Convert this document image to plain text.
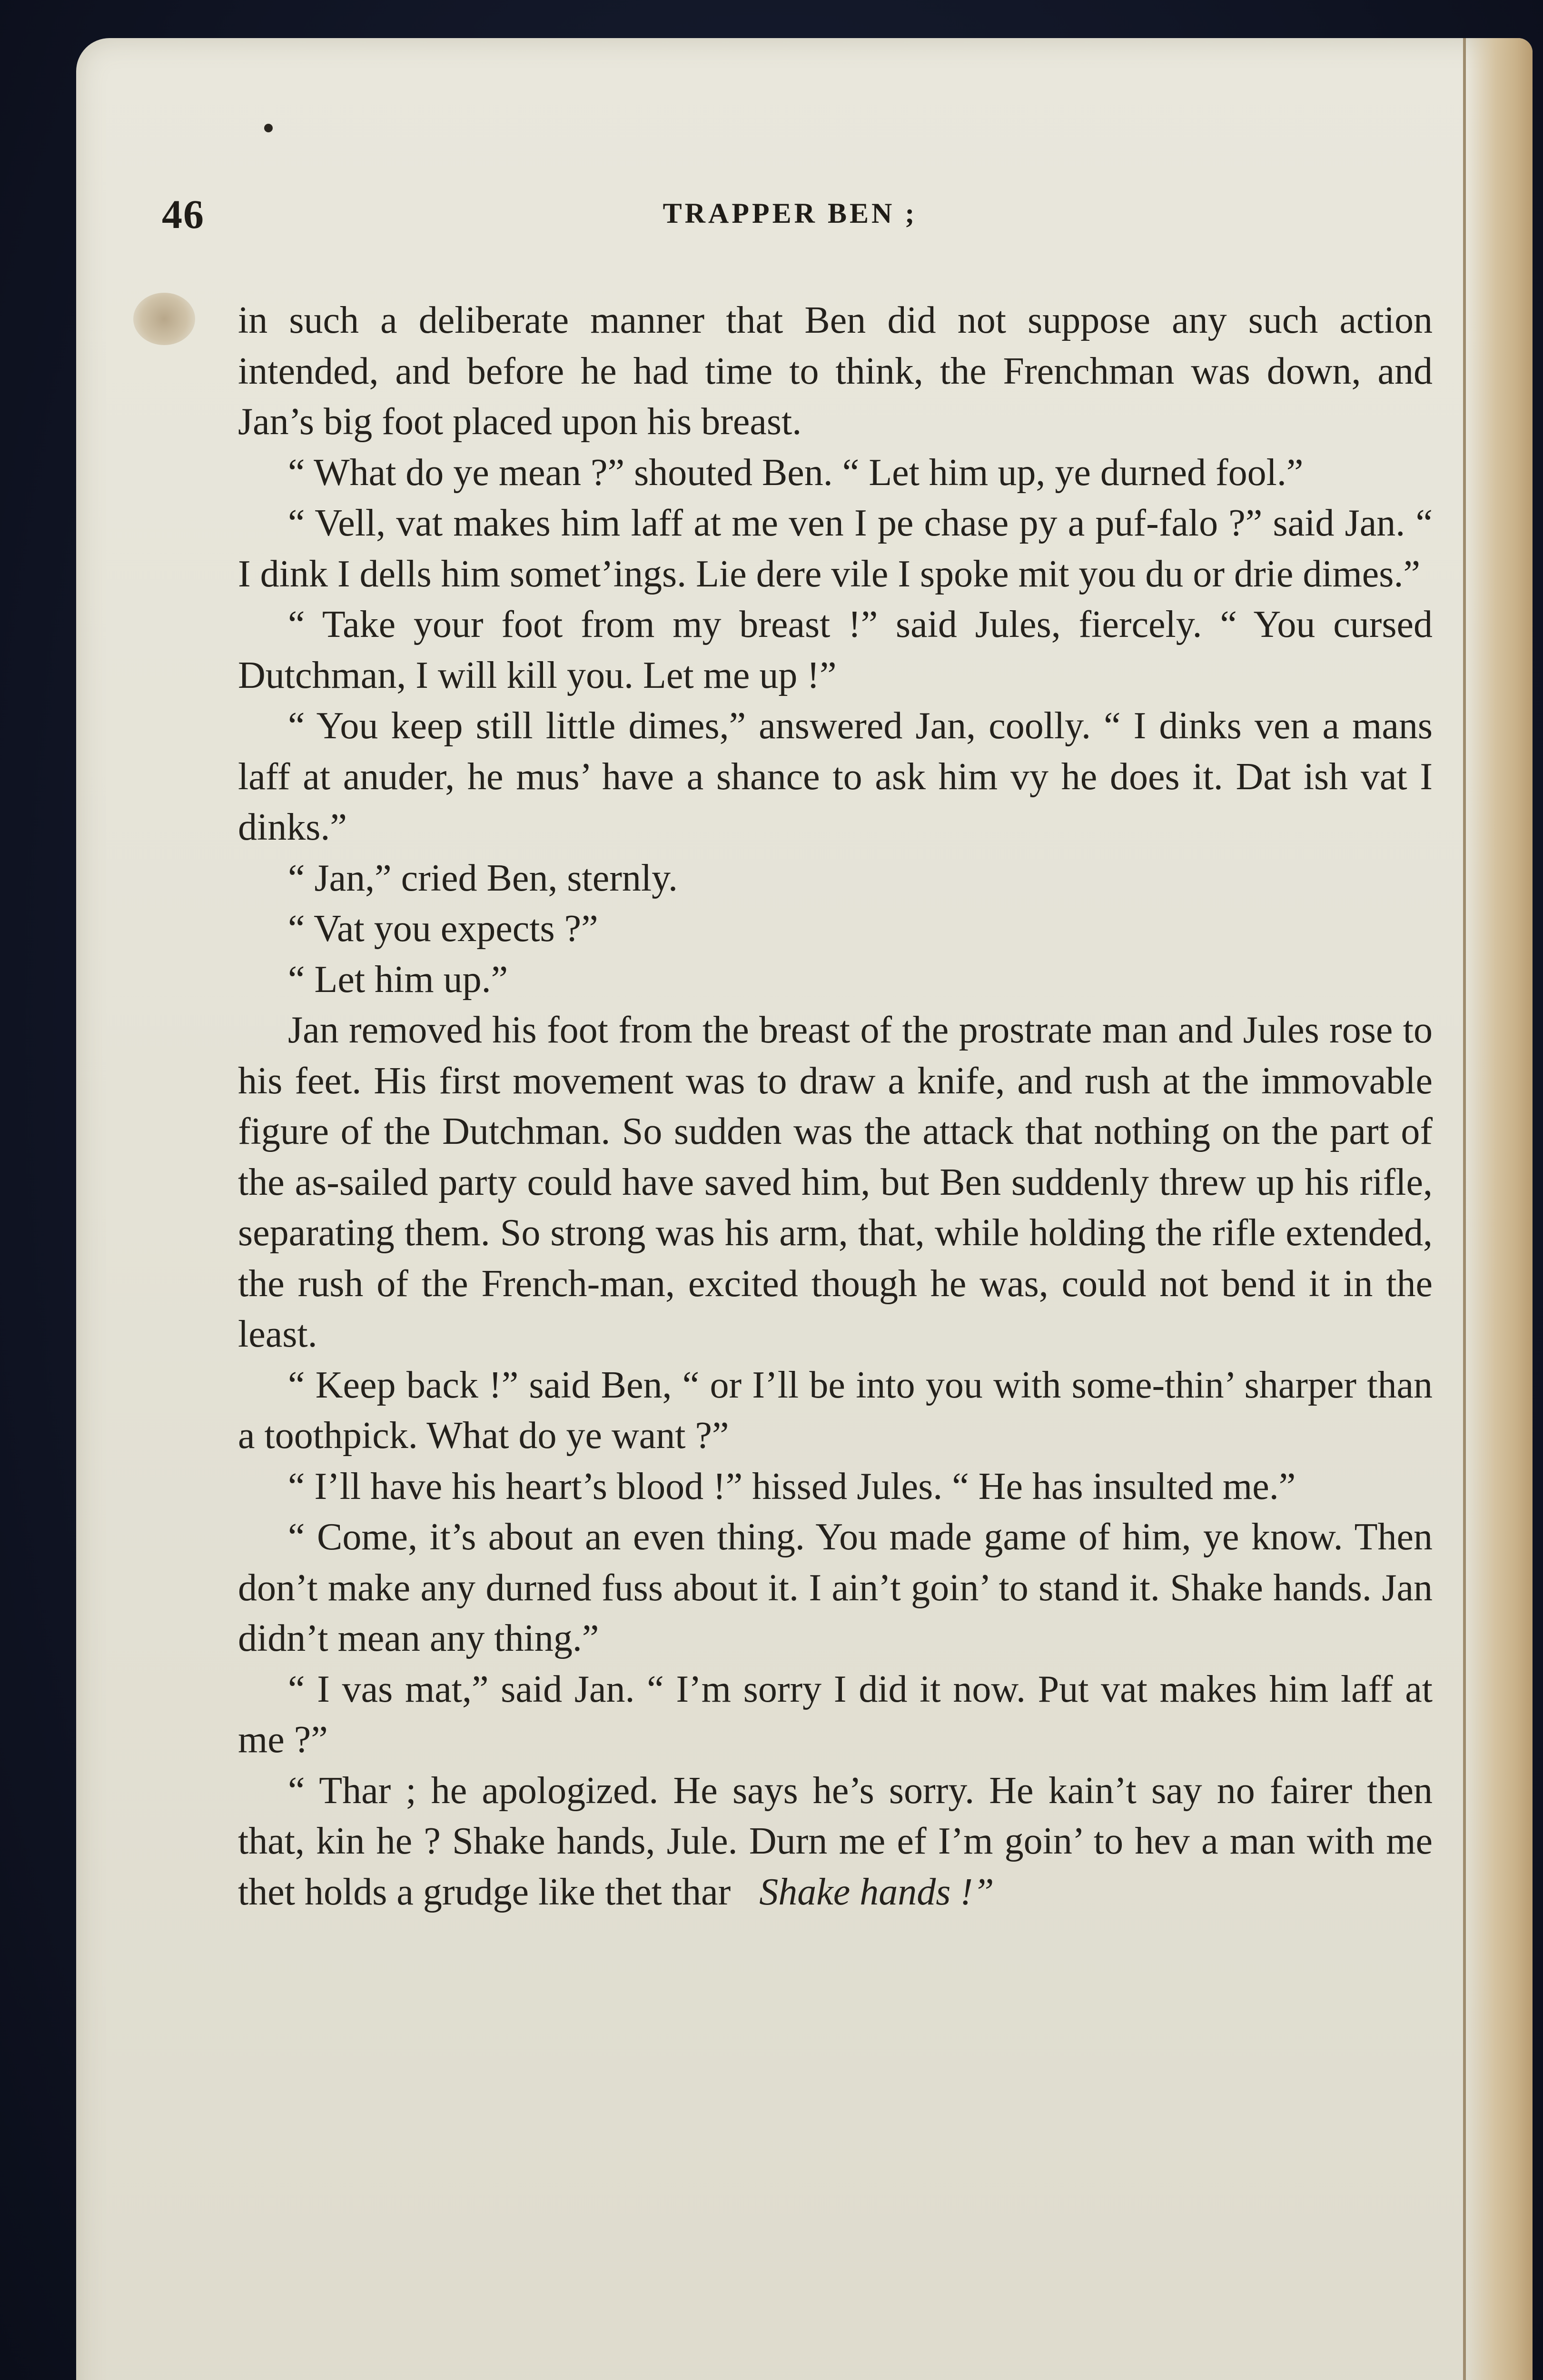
46	TRAPPER BEN ;

in such a deliberate manner that Ben did not suppose any such action intended, and before he had time to think, the Frenchman was down, and Jan’s big foot placed upon his breast.

“ What do ye mean ?” shouted Ben. “ Let him up, ye durned fool.”

“ Vell, vat makes him laff at me ven I pe chase py a puf-falo ?” said Jan. “ I dink I dells him somet’ings. Lie dere vile I spoke mit you du or drie dimes.”

“ Take your foot from my breast !” said Jules, fiercely. “ You cursed Dutchman, I will kill you. Let me up !”

“ You keep still little dimes,” answered Jan, coolly. “ I dinks ven a mans laff at anuder, he mus’ have a shance to ask him vy he does it. Dat ish vat I dinks.”

“ Jan,” cried Ben, sternly.

“ Vat you expects ?”

“ Let him up.”

Jan removed his foot from the breast of the prostrate man and Jules rose to his feet. His first movement was to draw a knife, and rush at the immovable figure of the Dutchman. So sudden was the attack that nothing on the part of the as-sailed party could have saved him, but Ben suddenly threw up his rifle, separating them. So strong was his arm, that, while holding the rifle extended, the rush of the French-man, excited though he was, could not bend it in the least.

“ Keep back !” said Ben, “ or I’ll be into you with some-thin’ sharper than a toothpick. What do ye want ?”

“ I’ll have his heart’s blood !” hissed Jules. “ He has insulted me.”

“ Come, it’s about an even thing. You made game of him, ye know. Then don’t make any durned fuss about it. I ain’t goin’ to stand it. Shake hands. Jan didn’t mean any thing.”

“ I vas mat,” said Jan. “ I’m sorry I did it now. Put vat makes him laff at me ?”

“ Thar ; he apologized. He says he’s sorry. He kain’t say no fairer then that, kin he ? Shake hands, Jule. Durn me ef I’m goin’ to hev a man with me thet holds a grudge like thet thar Shake hands !”
